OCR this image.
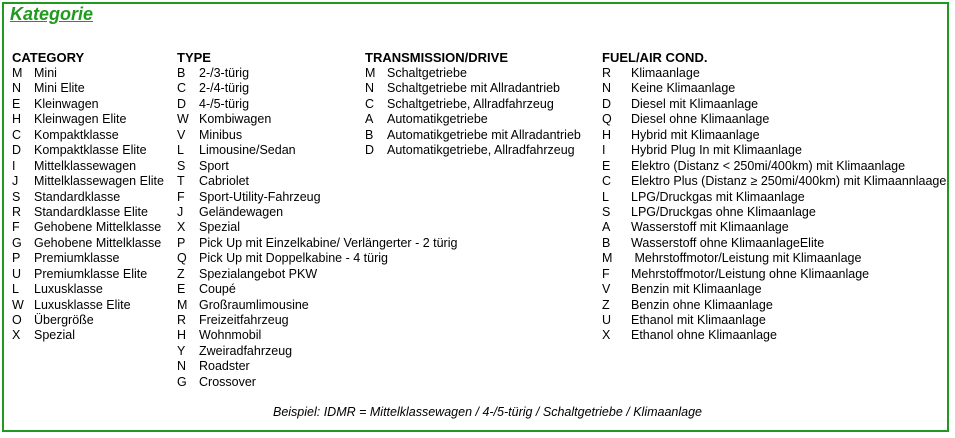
Kategorie
CATEGORY
M Mini
N Mini Elite
E Kleinwagen
H Kleinwagen Elite
C Kompaktklasse
D Kompaktklasse Elite
I Mittelklassewagen
J Mittelklassewagen Elite
S Standardklasse
R Standardklasse Elite
F Gehobene Mittelklasse
G Gehobene Mittelklasse
P Premiumklasse
U Premiumklasse Elite
L Luxusklasse
W Luxusklasse Elite
O Übergröße
X Spezial
TYPE
B 2-/3-türig
C 2-/4-türig
D 4-/5-türig
W Kombiwagen
V Minibus
L Limousine/Sedan
S Sport
T Cabriolet
F Sport-Utility-Fahrzeug
J Geländewagen
X Spezial
P Pick Up mit Einzelkabine/ Verlängerter - 2 türig
Q Pick Up mit Doppelkabine - 4 türig
Z Spezialangebot PKW
E Coupé
M Großraumlimousine
R Freizeitfahrzeug
H Wohnmobil
Y Zweiradfahrzeug
N Roadster
G Crossover
TRANSMISSION/DRIVE
M Schaltgetriebe
N Schaltgetriebe mit Allradantrieb
C Schaltgetriebe, Allradfahrzeug
A Automatikgetriebe
B Automatikgetriebe mit Allradantrieb
D Automatikgetriebe, Allradfahrzeug
FUEL/AIR COND.
R Klimaanlage
N Keine Klimaanlage
D Diesel mit Klimaanlage
Q Diesel ohne Klimaanlage
H Hybrid mit Klimaanlage
I Hybrid Plug In mit Klimaanlage
E Elektro (Distanz < 250mi/400km) mit Klimaanlage
C Elektro Plus (Distanz ≥ 250mi/400km) mit Klimaannlaage
L LPG/Druckgas mit Klimaanlage
S LPG/Druckgas ohne Klimaanlage
A Wasserstoff mit Klimaanlage
B Wasserstoff ohne KlimaanlageElite
M Mehrstoffmotor/Leistung mit Klimaanlage
F Mehrstoffmotor/Leistung ohne Klimaanlage
V Benzin mit Klimaanlage
Z Benzin ohne Klimaanlage
U Ethanol mit Klimaanlage
X Ethanol ohne Klimaanlage
Beispiel: IDMR = Mittelklassewagen / 4-/5-türig / Schaltgetriebe / Klimaanlage
